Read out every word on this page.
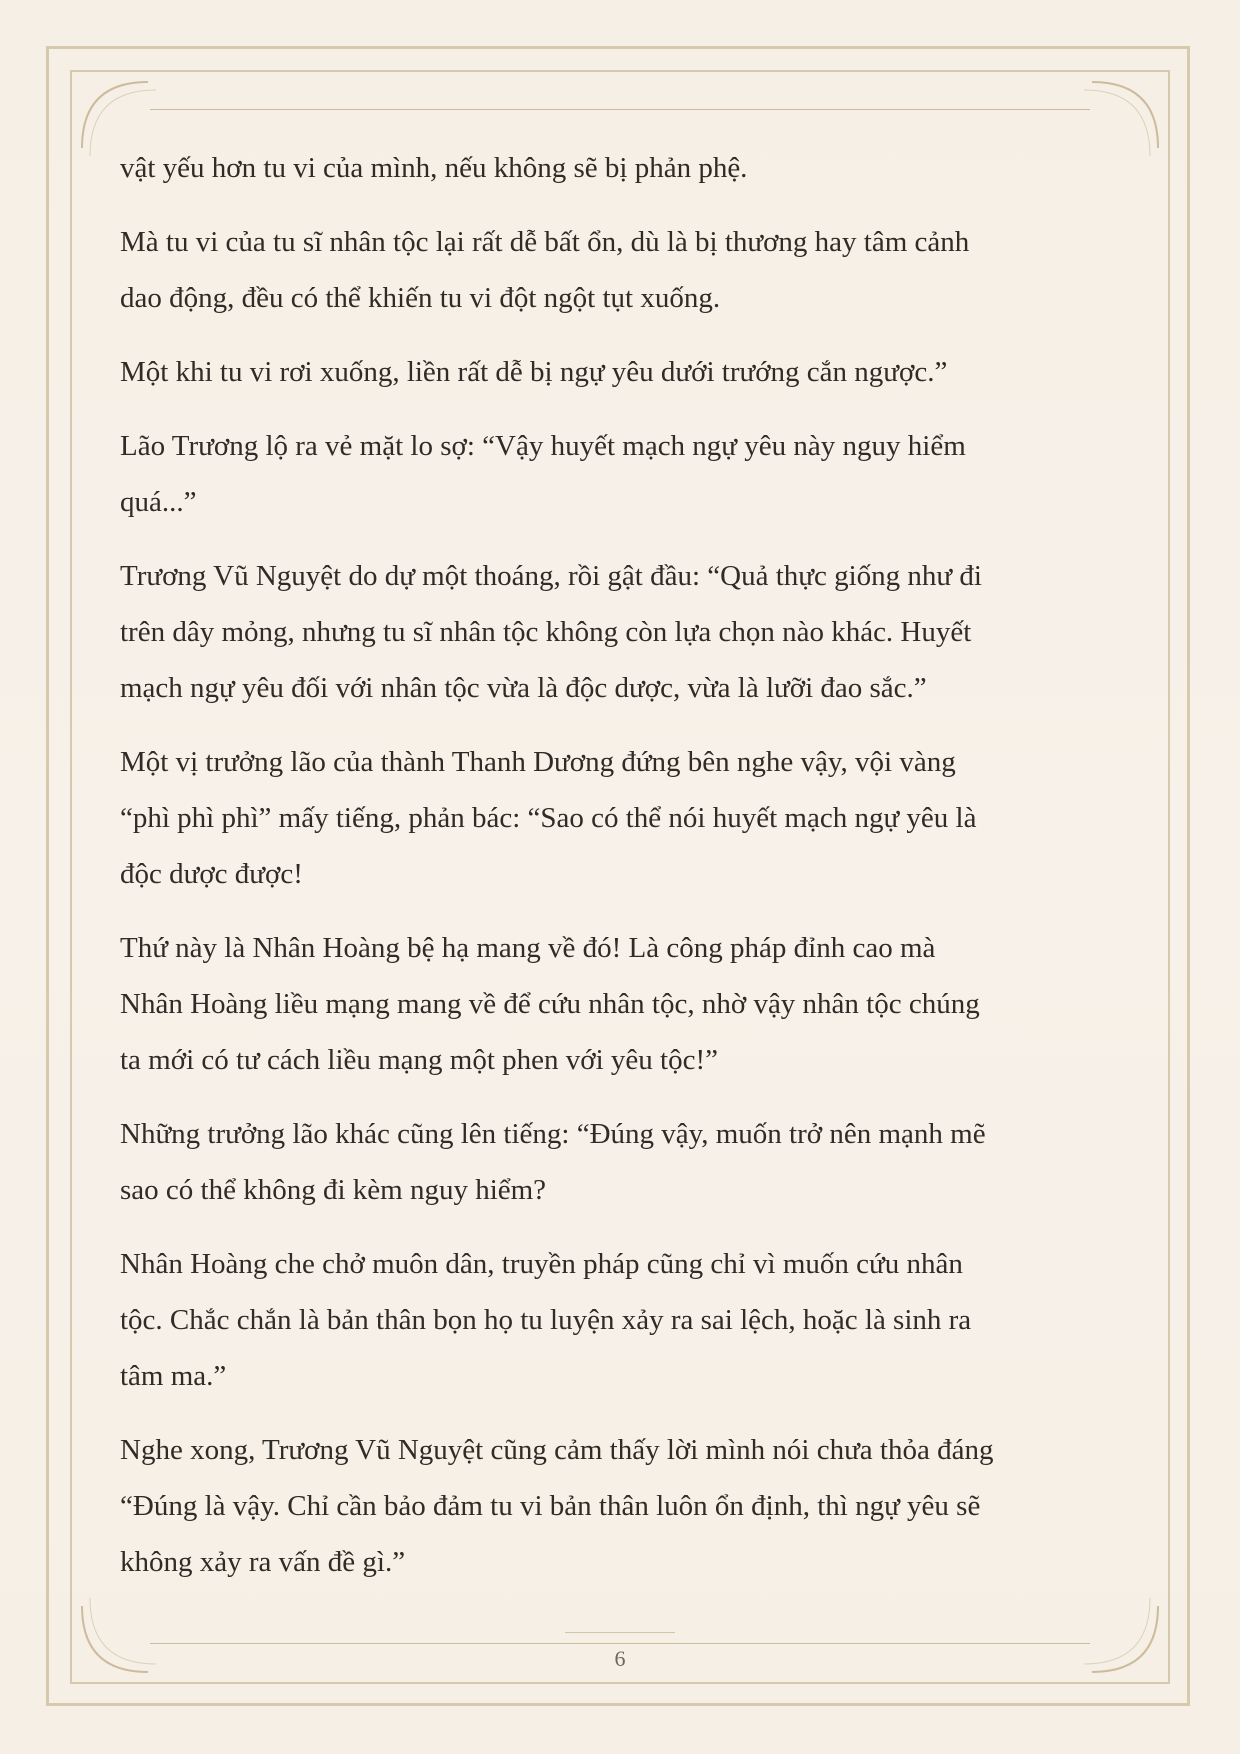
vật yếu hơn tu vi của mình, nếu không sẽ bị phản phệ.

Mà tu vi của tu sĩ nhân tộc lại rất dễ bất ổn, dù là bị thương hay tâm cảnh
dao động, đều có thể khiến tu vi đột ngột tụt xuống.

Một khi tu vi rơi xuống, liền rất dễ bị ngự yêu dưới trướng cắn ngược.”

Lão Trương lộ ra vẻ mặt lo sợ: “Vậy huyết mạch ngự yêu này nguy hiểm
quá...”

Trương Vũ Nguyệt do dự một thoáng, rồi gật đầu: “Quả thực giống như đi
trên dây mỏng, nhưng tu sĩ nhân tộc không còn lựa chọn nào khác. Huyết
mạch ngự yêu đối với nhân tộc vừa là độc dược, vừa là lưỡi đao sắc.”

Một vị trưởng lão của thành Thanh Dương đứng bên nghe vậy, vội vàng
“phì phì phì” mấy tiếng, phản bác: “Sao có thể nói huyết mạch ngự yêu là
độc dược được!

Thứ này là Nhân Hoàng bệ hạ mang về đó! Là công pháp đỉnh cao mà
Nhân Hoàng liều mạng mang về để cứu nhân tộc, nhờ vậy nhân tộc chúng
ta mới có tư cách liều mạng một phen với yêu tộc!”

Những trưởng lão khác cũng lên tiếng: “Đúng vậy, muốn trở nên mạnh mẽ
sao có thể không đi kèm nguy hiểm?

Nhân Hoàng che chở muôn dân, truyền pháp cũng chỉ vì muốn cứu nhân
tộc. Chắc chắn là bản thân bọn họ tu luyện xảy ra sai lệch, hoặc là sinh ra
tâm ma.”

Nghe xong, Trương Vũ Nguyệt cũng cảm thấy lời mình nói chưa thỏa đáng
“Đúng là vậy. Chỉ cần bảo đảm tu vi bản thân luôn ổn định, thì ngự yêu sẽ
không xảy ra vấn đề gì.”

6
